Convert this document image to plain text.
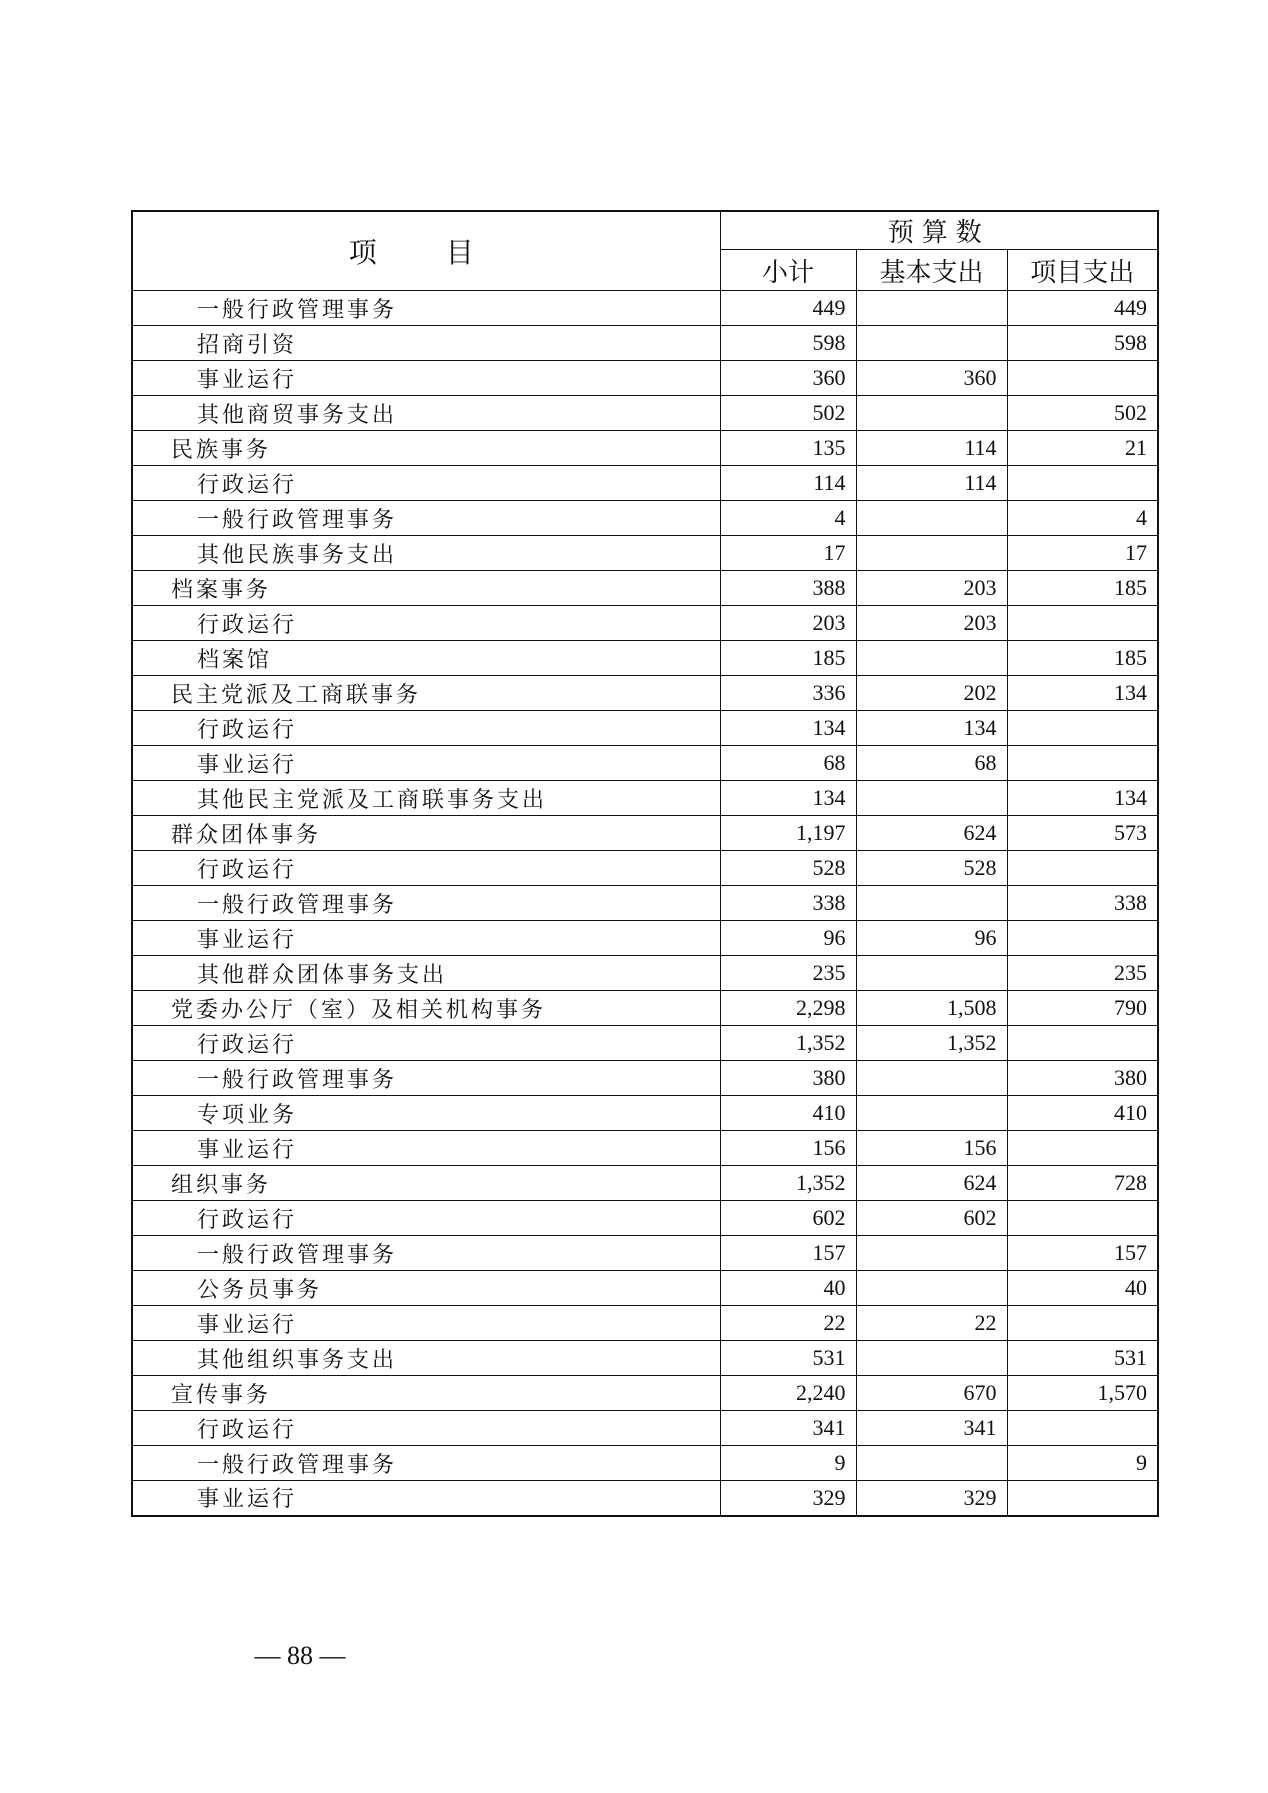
项 目	预算数		
	小计	基本支出	项目支出
一般行政管理事务	449		449
招商引资	598		598
事业运行	360	360	
其他商贸事务支出	502		502
民族事务	135	114	21
行政运行	114	114	
一般行政管理事务	4		4
其他民族事务支出	17		17
档案事务	388	203	185
行政运行	203	203	
档案馆	185		185
民主党派及工商联事务	336	202	134
行政运行	134	134	
事业运行	68	68	
其他民主党派及工商联事务支出	134		134
群众团体事务	1,197	624	573
行政运行	528	528	
一般行政管理事务	338		338
事业运行	96	96	
其他群众团体事务支出	235		235
党委办公厅（室）及相关机构事务	2,298	1,508	790
行政运行	1,352	1,352	
一般行政管理事务	380		380
专项业务	410		410
事业运行	156	156	
组织事务	1,352	624	728
行政运行	602	602	
一般行政管理事务	157		157
公务员事务	40		40
事业运行	22	22	
其他组织事务支出	531		531
宣传事务	2,240	670	1,570
行政运行	341	341	
一般行政管理事务	9		9
事业运行	329	329	
— 88 —
